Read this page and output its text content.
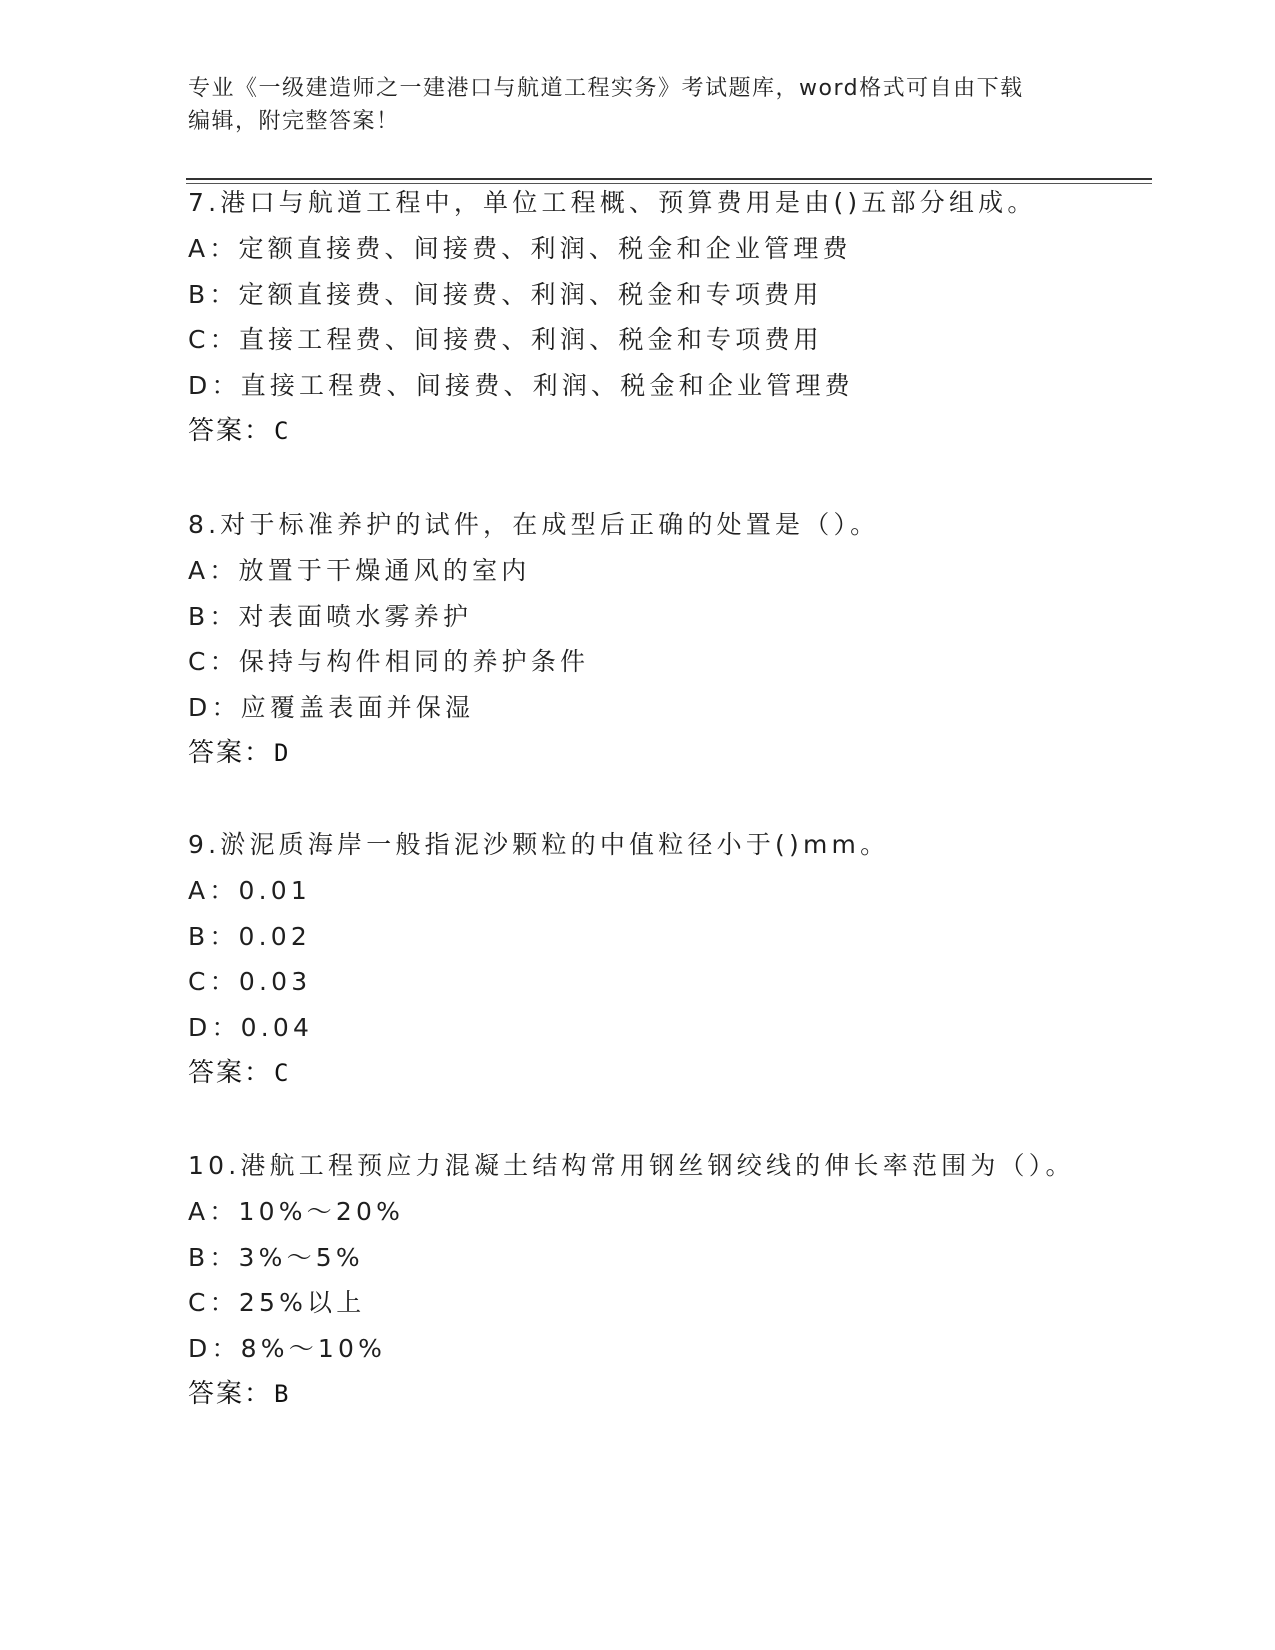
专业《一级建造师之一建港口与航道工程实务》考试题库，word格式可自由下载
编辑，附完整答案！
7.港口与航道工程中，单位工程概、预算费用是由()五部分组成。
A：定额直接费、间接费、利润、税金和企业管理费
B：定额直接费、间接费、利润、税金和专项费用
C：直接工程费、间接费、利润、税金和专项费用
D：直接工程费、间接费、利润、税金和企业管理费
答案：C
8.对于标准养护的试件，在成型后正确的处置是（）。
A：放置于干燥通风的室内
B：对表面喷水雾养护
C：保持与构件相同的养护条件
D：应覆盖表面并保湿
答案：D
9.淤泥质海岸一般指泥沙颗粒的中值粒径小于()mm。
A：0.01
B：0.02
C：0.03
D：0.04
答案：C
10.港航工程预应力混凝土结构常用钢丝钢绞线的伸长率范围为（）。
A：10%～20%
B：3%～5%
C：25%以上
D：8%～10%
答案：B
